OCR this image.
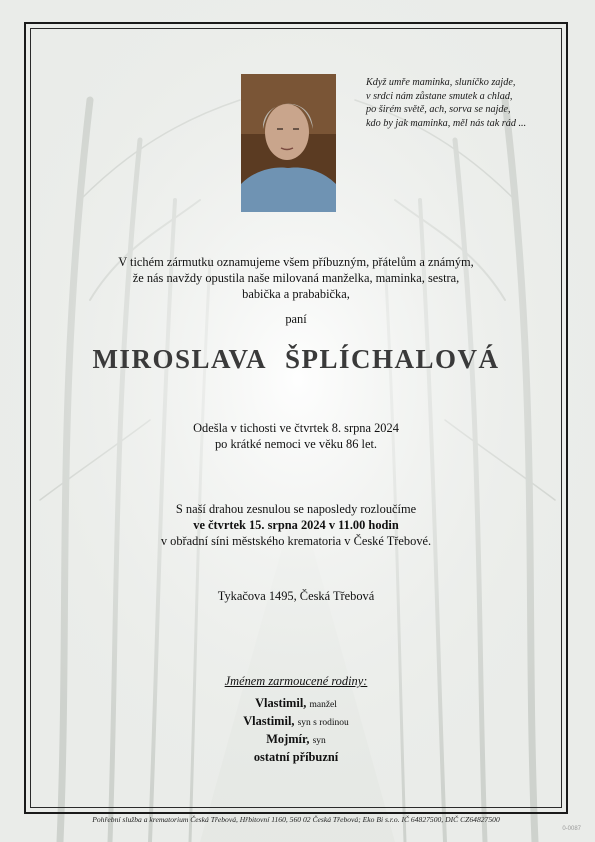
Když umře maminka, sluníčko zajde,
v srdci nám zůstane smutek a chlad,
po širém světě, ach, sorva se najde,
kdo by jak maminka, měl nás tak rád ...
V tichém zármutku oznamujeme všem příbuzným, přátelům a známým,
že nás navždy opustila naše milovaná manželka, maminka, sestra,
babička a prababička,
paní
MIROSLAVA ŠPLÍCHALOVÁ
Odešla v tichosti ve čtvrtek 8. srpna 2024
po krátké nemoci ve věku 86 let.
S naší drahou zesnulou se naposledy rozloučíme
ve čtvrtek 15. srpna 2024 v 11.00 hodin
v obřadní síni městského krematoria v České Třebové.
Tykačova 1495, Česká Třebová
Jménem zarmoucené rodiny:
Vlastimil, manžel
Vlastimil, syn s rodinou
Mojmír, syn
ostatní příbuzní
Pohřební služba a krematorium Česká Třebová, Hřbitovní 1160, 560 02 Česká Třebová; Eko Bi s.r.o. IČ 64827500, DIČ CZ64827500
0-0087
